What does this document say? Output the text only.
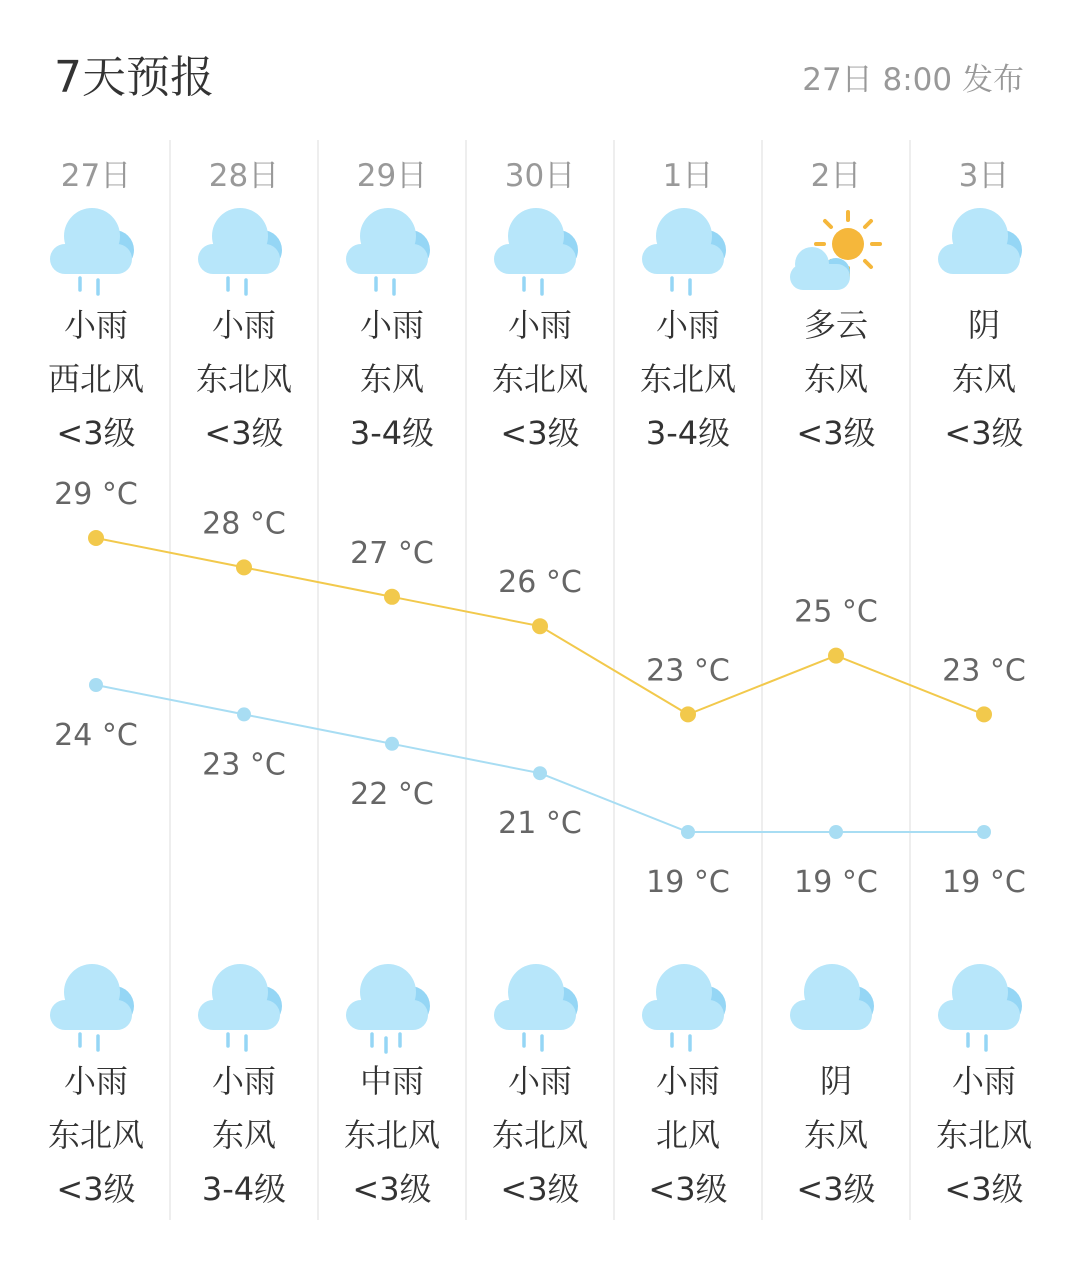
7天预报	27日 8:00 发布
27日
小雨
西北风
<3级
小雨
东北风
<3级
28日
小雨
东北风
<3级
小雨
东风
3-4级
29日
小雨
东风
3-4级
中雨
东北风
<3级
30日
小雨
东北风
<3级
小雨
东北风
<3级
1日
小雨
东北风
3-4级
小雨
北风
<3级
2日
多云
东风
<3级
阴
东风
<3级
3日
阴
东风
<3级
小雨
东北风
<3级
29 °C
28 °C
27 °C
26 °C
23 °C
25 °C
23 °C
24 °C
23 °C
22 °C
21 °C
19 °C 19 °C 19 °C
